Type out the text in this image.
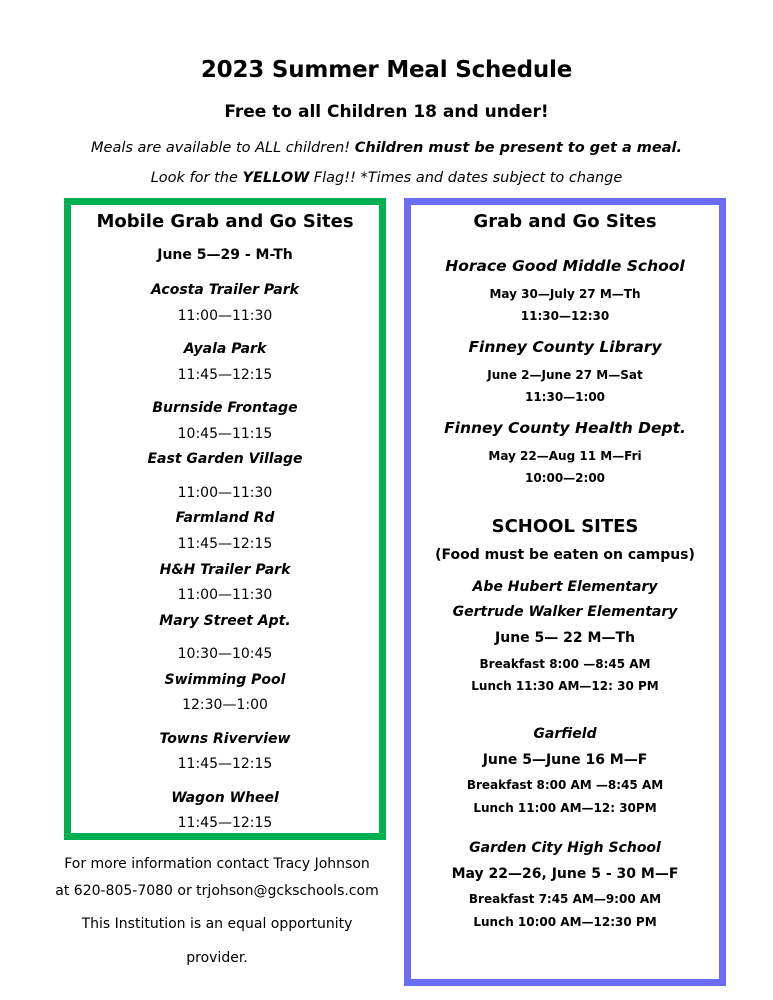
2023 Summer Meal Schedule
Free to all Children 18 and under!
Meals are available to ALL children! Children must be present to get a meal.
Look for the YELLOW Flag!! *Times and dates subject to change
Mobile Grab and Go Sites
June 5—29 - M-Th
Acosta Trailer Park
11:00—11:30
Ayala Park
11:45—12:15
Burnside Frontage
10:45—11:15
East Garden Village
11:00—11:30
Farmland Rd
11:45—12:15
H&H Trailer Park
11:00—11:30
Mary Street Apt.
10:30—10:45
Swimming Pool
12:30—1:00
Towns Riverview
11:45—12:15
Wagon Wheel
11:45—12:15
Grab and Go Sites
Horace Good Middle School
May 30—July 27 M—Th
11:30—12:30
Finney County Library
June 2—June 27 M—Sat
11:30—1:00
Finney County Health Dept.
May 22—Aug 11 M—Fri
10:00—2:00
SCHOOL SITES
(Food must be eaten on campus)
Abe Hubert Elementary
Gertrude Walker Elementary
June 5— 22 M—Th
Breakfast 8:00 —8:45 AM
Lunch 11:30 AM—12: 30 PM
Garfield
June 5—June 16 M—F
Breakfast 8:00 AM —8:45 AM
Lunch 11:00 AM—12: 30PM
Garden City High School
May 22—26, June 5 - 30 M—F
Breakfast 7:45 AM—9:00 AM
Lunch 10:00 AM—12:30 PM
For more information contact Tracy Johnson
at 620-805-7080 or trjohson@gckschools.com
This Institution is an equal opportunity
provider.
